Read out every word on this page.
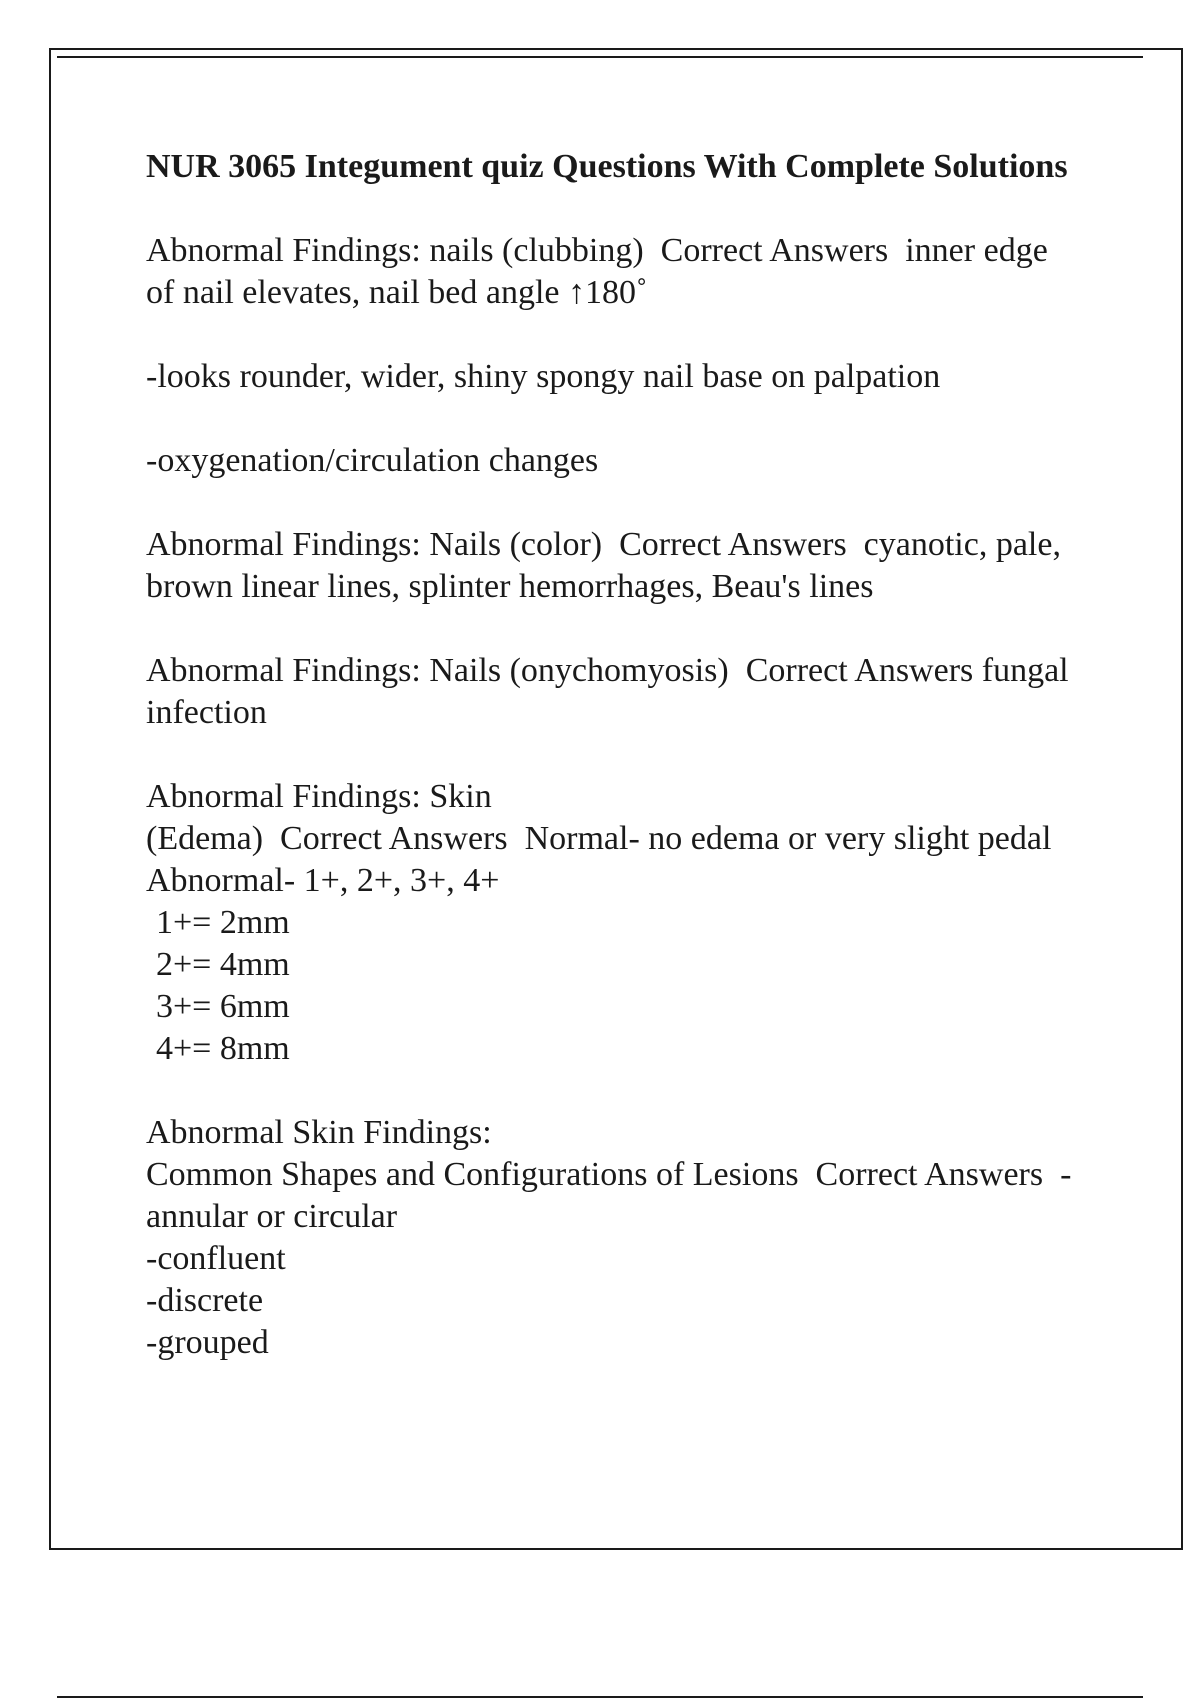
NUR 3065 Integument quiz Questions With Complete Solutions
Abnormal Findings: nails (clubbing)  Correct Answers  inner edge of nail elevates, nail bed angle ↑180˚
-looks rounder, wider, shiny spongy nail base on palpation
-oxygenation/circulation changes
Abnormal Findings: Nails (color)  Correct Answers  cyanotic, pale, brown linear lines, splinter hemorrhages, Beau's lines
Abnormal Findings: Nails (onychomyosis)  Correct Answers fungal infection
Abnormal Findings: Skin
(Edema)  Correct Answers  Normal- no edema or very slight pedal
Abnormal- 1+, 2+, 3+, 4+
1+= 2mm
2+= 4mm
3+= 6mm
4+= 8mm
Abnormal Skin Findings:
Common Shapes and Configurations of Lesions  Correct Answers  -annular or circular
-confluent
-discrete
-grouped
